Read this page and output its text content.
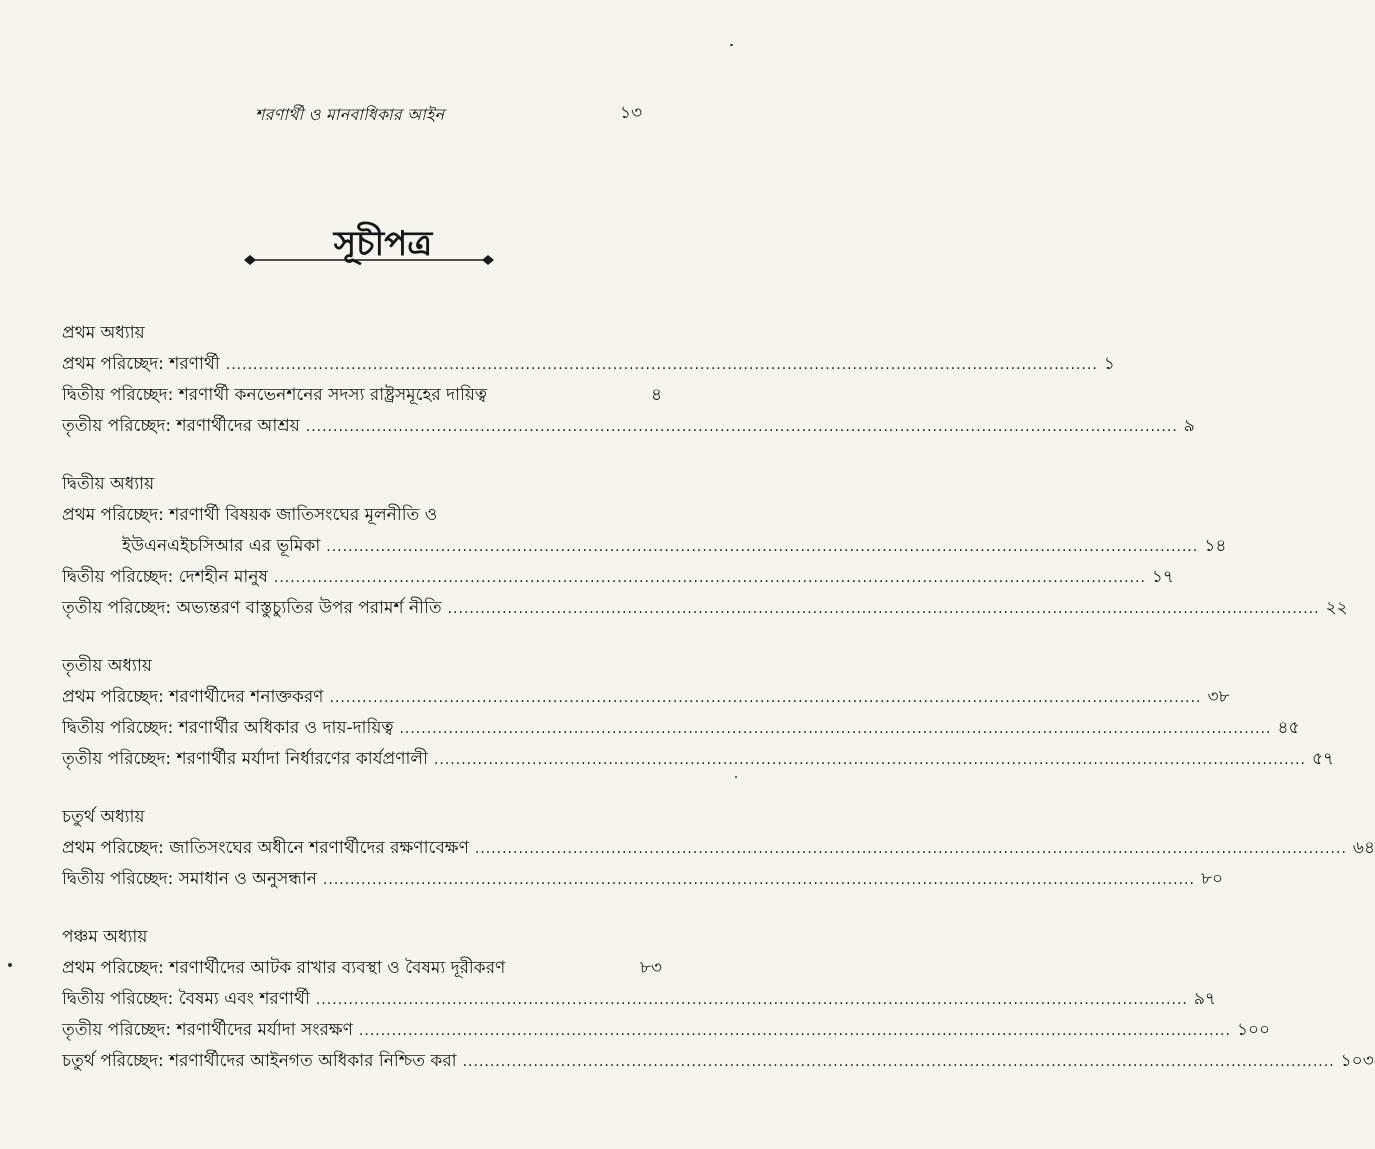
শরণার্থী ও মানবাধিকার আইন	১৩
সূচীপত্র
প্রথম অধ্যায়
প্রথম পরিচ্ছেদ: শরণার্থী ................................................................................................................................................................ ১
দ্বিতীয় পরিচ্ছেদ: শরণার্থী কনভেনশনের সদস্য রাষ্ট্রসমূহের দায়িত্ব	৪
তৃতীয় পরিচ্ছেদ: শরণার্থীদের আশ্রয় ................................................................................................................................................................ ৯
দ্বিতীয় অধ্যায়
প্রথম পরিচ্ছেদ: শরণার্থী বিষয়ক জাতিসংঘের মূলনীতি ও
ইউএনএইচসিআর এর ভূমিকা ................................................................................................................................................................ ১৪
দ্বিতীয় পরিচ্ছেদ: দেশহীন মানুষ ................................................................................................................................................................ ১৭
তৃতীয় পরিচ্ছেদ: অভ্যন্তরণ বাস্তুচ্যুতির উপর পরামর্শ নীতি ................................................................................................................................................................ ২২
তৃতীয় অধ্যায়
প্রথম পরিচ্ছেদ: শরণার্থীদের শনাক্তকরণ ................................................................................................................................................................ ৩৮
দ্বিতীয় পরিচ্ছেদ: শরণার্থীর অধিকার ও দায়-দায়িত্ব ................................................................................................................................................................ ৪৫
তৃতীয় পরিচ্ছেদ: শরণার্থীর মর্যাদা নির্ধারণের কার্যপ্রণালী ................................................................................................................................................................ ৫৭
চতুর্থ অধ্যায়
প্রথম পরিচ্ছেদ: জাতিসংঘের অধীনে শরণার্থীদের রক্ষণাবেক্ষণ ................................................................................................................................................................ ৬৪
দ্বিতীয় পরিচ্ছেদ: সমাধান ও অনুসন্ধান ................................................................................................................................................................ ৮০
পঞ্চম অধ্যায়
প্রথম পরিচ্ছেদ: শরণার্থীদের আটক রাখার ব্যবস্থা ও বৈষম্য দূরীকরণ	৮৩
দ্বিতীয় পরিচ্ছেদ: বৈষম্য এবং শরণার্থী ................................................................................................................................................................ ৯৭
তৃতীয় পরিচ্ছেদ: শরণার্থীদের মর্যাদা সংরক্ষণ ................................................................................................................................................................ ১০০
চতুর্থ পরিচ্ছেদ: শরণার্থীদের আইনগত অধিকার নিশ্চিত করা ................................................................................................................................................................ ১০৩
